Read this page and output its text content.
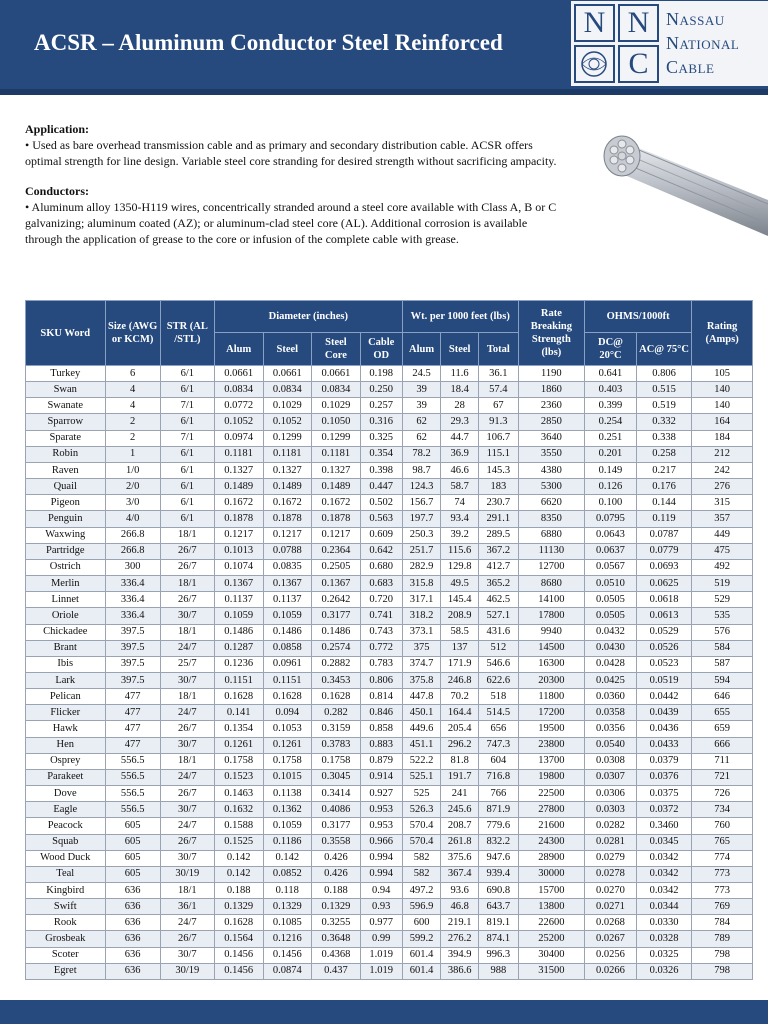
ACSR – Aluminum Conductor Steel Reinforced
N N
C
Nassau
National
Cable
Application:

• Used as bare overhead transmission cable and as primary and secondary distribution cable. ACSR offers optimal strength for line design. Variable steel core stranding for desired strength without sacrificing ampacity.

Conductors:

• Aluminum alloy 1350-H119 wires, concentrically stranded around a steel core available with Class A, B or C galvanizing; aluminum coated (AZ); or aluminum-clad steel core (AL). Additional corrosion is available through the application of grease to the core or infusion of the complete cable with grease.

SKU Word	Size (AWG or KCM)	STR (AL /STL)	Diameter (inches)				Wt. per 1000 feet (lbs)			Rate Breaking Strength (lbs)	OHMS/1000ft		Rating (Amps)
			Alum	Steel	Steel Core	Cable OD	Alum	Steel	Total		DC@ 20°C	AC@ 75°C	
Turkey	6	6/1	0.0661	0.0661	0.0661	0.198	24.5	11.6	36.1	1190	0.641	0.806	105
Swan	4	6/1	0.0834	0.0834	0.0834	0.250	39	18.4	57.4	1860	0.403	0.515	140
Swanate	4	7/1	0.0772	0.1029	0.1029	0.257	39	28	67	2360	0.399	0.519	140
Sparrow	2	6/1	0.1052	0.1052	0.1050	0.316	62	29.3	91.3	2850	0.254	0.332	164
Sparate	2	7/1	0.0974	0.1299	0.1299	0.325	62	44.7	106.7	3640	0.251	0.338	184
Robin	1	6/1	0.1181	0.1181	0.1181	0.354	78.2	36.9	115.1	3550	0.201	0.258	212
Raven	1/0	6/1	0.1327	0.1327	0.1327	0.398	98.7	46.6	145.3	4380	0.149	0.217	242
Quail	2/0	6/1	0.1489	0.1489	0.1489	0.447	124.3	58.7	183	5300	0.126	0.176	276
Pigeon	3/0	6/1	0.1672	0.1672	0.1672	0.502	156.7	74	230.7	6620	0.100	0.144	315
Penguin	4/0	6/1	0.1878	0.1878	0.1878	0.563	197.7	93.4	291.1	8350	0.0795	0.119	357
Waxwing	266.8	18/1	0.1217	0.1217	0.1217	0.609	250.3	39.2	289.5	6880	0.0643	0.0787	449
Partridge	266.8	26/7	0.1013	0.0788	0.2364	0.642	251.7	115.6	367.2	11130	0.0637	0.0779	475
Ostrich	300	26/7	0.1074	0.0835	0.2505	0.680	282.9	129.8	412.7	12700	0.0567	0.0693	492
Merlin	336.4	18/1	0.1367	0.1367	0.1367	0.683	315.8	49.5	365.2	8680	0.0510	0.0625	519
Linnet	336.4	26/7	0.1137	0.1137	0.2642	0.720	317.1	145.4	462.5	14100	0.0505	0.0618	529
Oriole	336.4	30/7	0.1059	0.1059	0.3177	0.741	318.2	208.9	527.1	17800	0.0505	0.0613	535
Chickadee	397.5	18/1	0.1486	0.1486	0.1486	0.743	373.1	58.5	431.6	9940	0.0432	0.0529	576
Brant	397.5	24/7	0.1287	0.0858	0.2574	0.772	375	137	512	14500	0.0430	0.0526	584
Ibis	397.5	25/7	0.1236	0.0961	0.2882	0.783	374.7	171.9	546.6	16300	0.0428	0.0523	587
Lark	397.5	30/7	0.1151	0.1151	0.3453	0.806	375.8	246.8	622.6	20300	0.0425	0.0519	594
Pelican	477	18/1	0.1628	0.1628	0.1628	0.814	447.8	70.2	518	11800	0.0360	0.0442	646
Flicker	477	24/7	0.141	0.094	0.282	0.846	450.1	164.4	514.5	17200	0.0358	0.0439	655
Hawk	477	26/7	0.1354	0.1053	0.3159	0.858	449.6	205.4	656	19500	0.0356	0.0436	659
Hen	477	30/7	0.1261	0.1261	0.3783	0.883	451.1	296.2	747.3	23800	0.0540	0.0433	666
Osprey	556.5	18/1	0.1758	0.1758	0.1758	0.879	522.2	81.8	604	13700	0.0308	0.0379	711
Parakeet	556.5	24/7	0.1523	0.1015	0.3045	0.914	525.1	191.7	716.8	19800	0.0307	0.0376	721
Dove	556.5	26/7	0.1463	0.1138	0.3414	0.927	525	241	766	22500	0.0306	0.0375	726
Eagle	556.5	30/7	0.1632	0.1362	0.4086	0.953	526.3	245.6	871.9	27800	0.0303	0.0372	734
Peacock	605	24/7	0.1588	0.1059	0.3177	0.953	570.4	208.7	779.6	21600	0.0282	0.3460	760
Squab	605	26/7	0.1525	0.1186	0.3558	0.966	570.4	261.8	832.2	24300	0.0281	0.0345	765
Wood Duck	605	30/7	0.142	0.142	0.426	0.994	582	375.6	947.6	28900	0.0279	0.0342	774
Teal	605	30/19	0.142	0.0852	0.426	0.994	582	367.4	939.4	30000	0.0278	0.0342	773
Kingbird	636	18/1	0.188	0.118	0.188	0.94	497.2	93.6	690.8	15700	0.0270	0.0342	773
Swift	636	36/1	0.1329	0.1329	0.1329	0.93	596.9	46.8	643.7	13800	0.0271	0.0344	769
Rook	636	24/7	0.1628	0.1085	0.3255	0.977	600	219.1	819.1	22600	0.0268	0.0330	784
Grosbeak	636	26/7	0.1564	0.1216	0.3648	0.99	599.2	276.2	874.1	25200	0.0267	0.0328	789
Scoter	636	30/7	0.1456	0.1456	0.4368	1.019	601.4	394.9	996.3	30400	0.0256	0.0325	798
Egret	636	30/19	0.1456	0.0874	0.437	1.019	601.4	386.6	988	31500	0.0266	0.0326	798
